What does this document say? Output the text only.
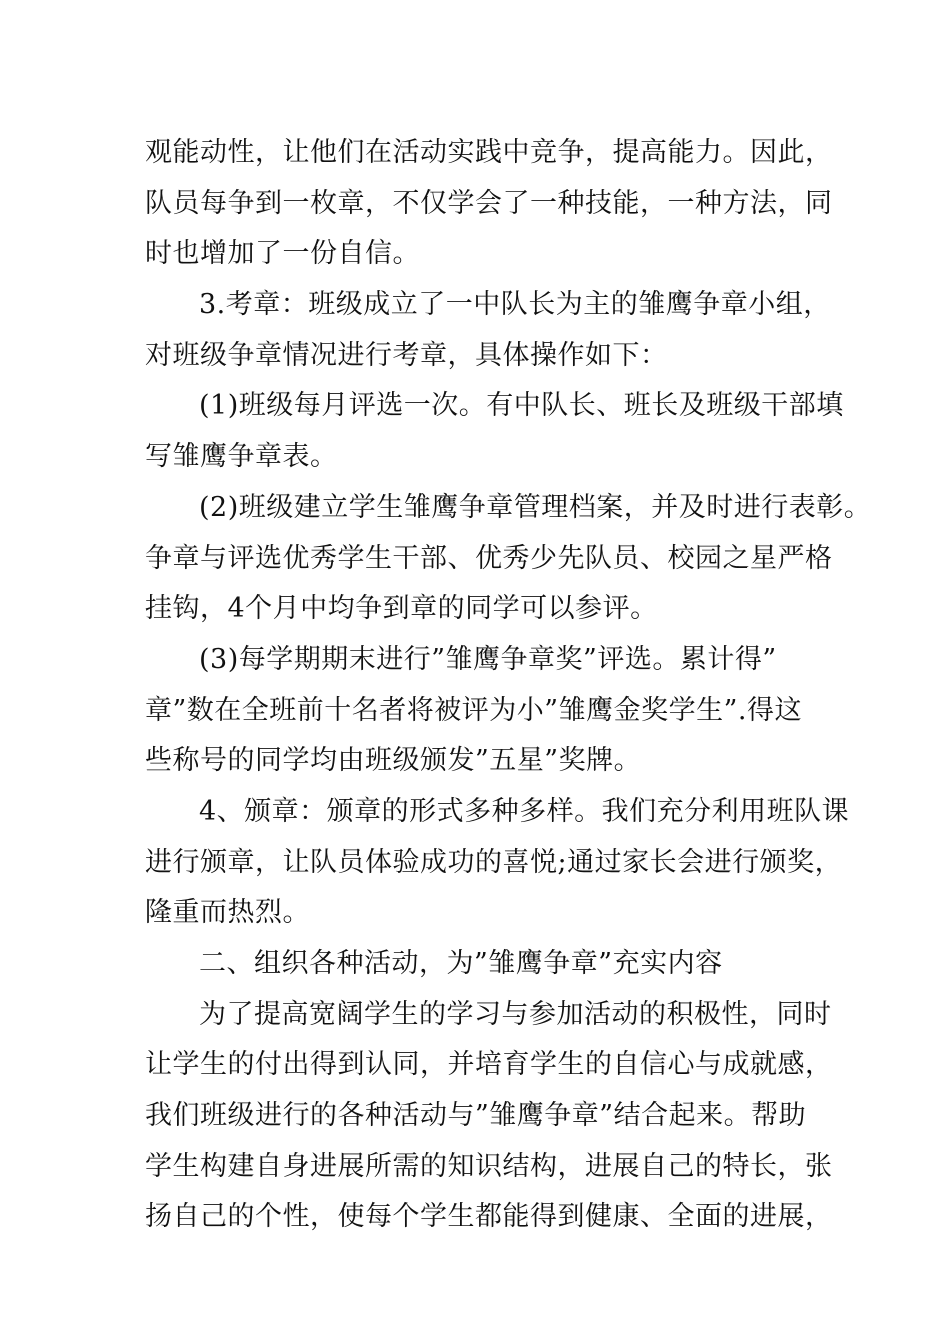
观能动性，让他们在活动实践中竞争，提高能力。因此，
队员每争到一枚章，不仅学会了一种技能，一种方法，同
时也增加了一份自信。
3.考章：班级成立了一中队长为主的雏鹰争章小组，
对班级争章情况进行考章，具体操作如下：
(1)班级每月评选一次。有中队长、班长及班级干部填
写雏鹰争章表。
(2)班级建立学生雏鹰争章管理档案，并及时进行表彰。
争章与评选优秀学生干部、优秀少先队员、校园之星严格
挂钩，4个月中均争到章的同学可以参评。
(3)每学期期末进行”雏鹰争章奖”评选。累计得”
章”数在全班前十名者将被评为小”雏鹰金奖学生”.得这
些称号的同学均由班级颁发”五星”奖牌。
4、颁章：颁章的形式多种多样。我们充分利用班队课
进行颁章，让队员体验成功的喜悦;通过家长会进行颁奖，
隆重而热烈。
二、组织各种活动，为”雏鹰争章”充实内容
为了提高宽阔学生的学习与参加活动的积极性，同时
让学生的付出得到认同，并培育学生的自信心与成就感，
我们班级进行的各种活动与”雏鹰争章”结合起来。帮助
学生构建自身进展所需的知识结构，进展自己的特长，张
扬自己的个性，使每个学生都能得到健康、全面的进展，
